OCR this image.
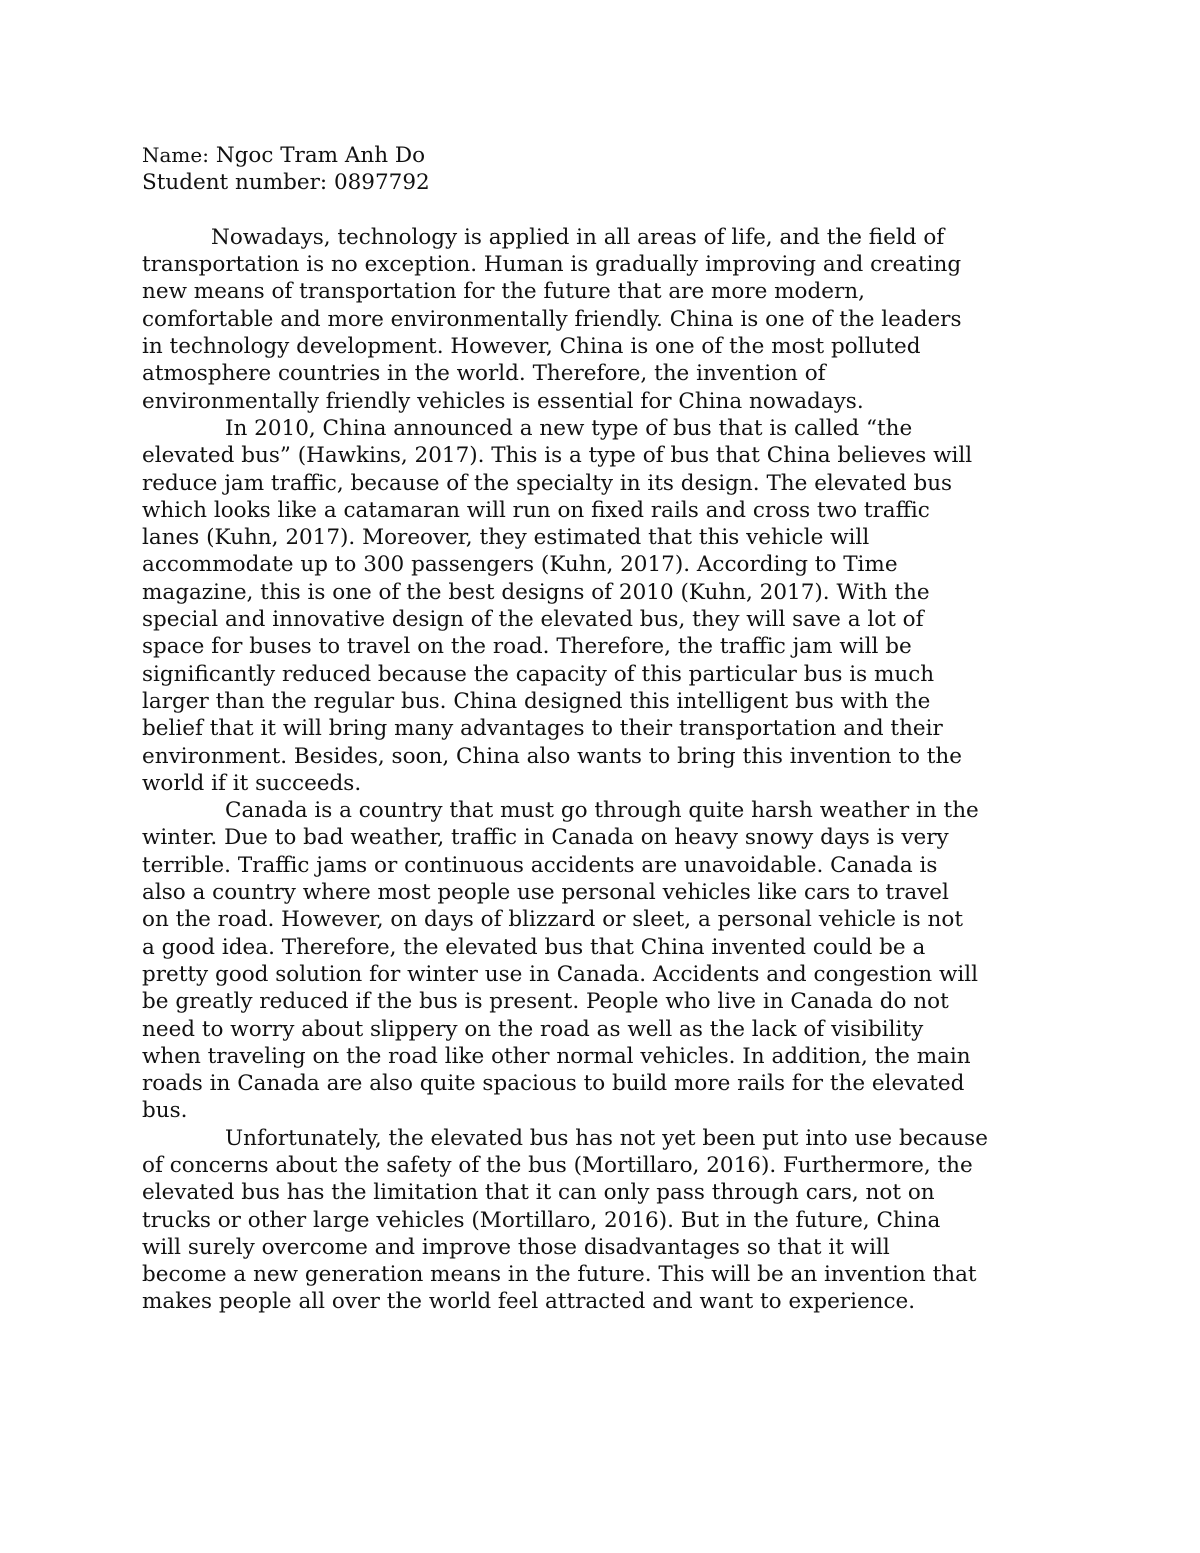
Name: Ngoc Tram Anh Do
Student number: 0897792
Nowadays, technology is applied in all areas of life, and the field of
transportation is no exception. Human is gradually improving and creating
new means of transportation for the future that are more modern,
comfortable and more environmentally friendly. China is one of the leaders
in technology development. However, China is one of the most polluted
atmosphere countries in the world. Therefore, the invention of
environmentally friendly vehicles is essential for China nowadays.
In 2010, China announced a new type of bus that is called “the
elevated bus” (Hawkins, 2017). This is a type of bus that China believes will
reduce jam traffic, because of the specialty in its design. The elevated bus
which looks like a catamaran will run on fixed rails and cross two traffic
lanes (Kuhn, 2017). Moreover, they estimated that this vehicle will
accommodate up to 300 passengers (Kuhn, 2017). According to Time
magazine, this is one of the best designs of 2010 (Kuhn, 2017). With the
special and innovative design of the elevated bus, they will save a lot of
space for buses to travel on the road. Therefore, the traffic jam will be
significantly reduced because the capacity of this particular bus is much
larger than the regular bus. China designed this intelligent bus with the
belief that it will bring many advantages to their transportation and their
environment. Besides, soon, China also wants to bring this invention to the
world if it succeeds.
Canada is a country that must go through quite harsh weather in the
winter. Due to bad weather, traffic in Canada on heavy snowy days is very
terrible. Traffic jams or continuous accidents are unavoidable. Canada is
also a country where most people use personal vehicles like cars to travel
on the road. However, on days of blizzard or sleet, a personal vehicle is not
a good idea. Therefore, the elevated bus that China invented could be a
pretty good solution for winter use in Canada. Accidents and congestion will
be greatly reduced if the bus is present. People who live in Canada do not
need to worry about slippery on the road as well as the lack of visibility
when traveling on the road like other normal vehicles. In addition, the main
roads in Canada are also quite spacious to build more rails for the elevated
bus.
Unfortunately, the elevated bus has not yet been put into use because
of concerns about the safety of the bus (Mortillaro, 2016). Furthermore, the
elevated bus has the limitation that it can only pass through cars, not on
trucks or other large vehicles (Mortillaro, 2016). But in the future, China
will surely overcome and improve those disadvantages so that it will
become a new generation means in the future. This will be an invention that
makes people all over the world feel attracted and want to experience.
